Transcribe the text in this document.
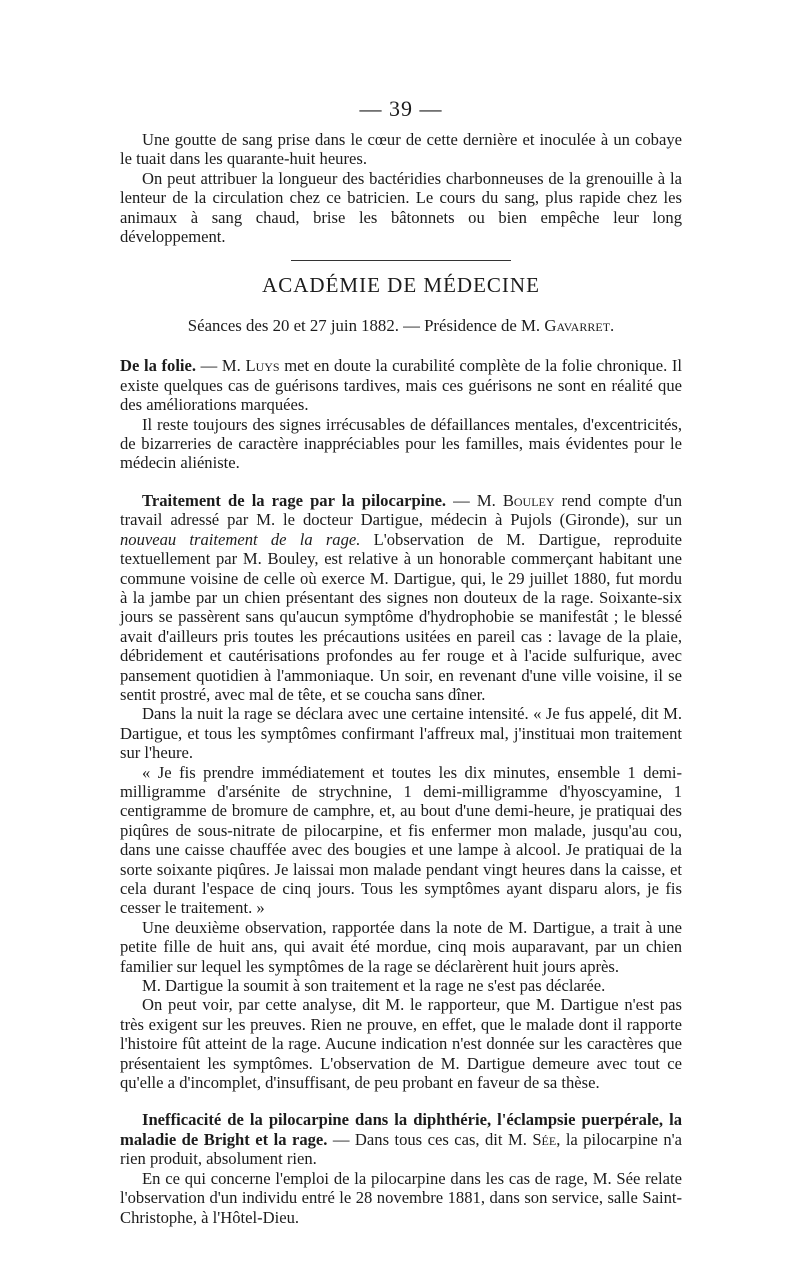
— 39 —

Une goutte de sang prise dans le cœur de cette dernière et inoculée à un cobaye le tuait dans les quarante-huit heures.

On peut attribuer la longueur des bactéridies charbonneuses de la grenouille à la lenteur de la circulation chez ce batricien. Le cours du sang, plus rapide chez les animaux à sang chaud, brise les bâtonnets ou bien empêche leur long développement.

ACADÉMIE DE MÉDECINE
Séances des 20 et 27 juin 1882. — Présidence de M. Gavarret.

De la folie. — M. Luys met en doute la curabilité complète de la folie chronique. Il existe quelques cas de guérisons tardives, mais ces guérisons ne sont en réalité que des améliorations marquées.

Il reste toujours des signes irrécusables de défaillances mentales, d'excentricités, de bizarreries de caractère inappréciables pour les familles, mais évidentes pour le médecin aliéniste.

Traitement de la rage par la pilocarpine. — M. Bouley rend compte d'un travail adressé par M. le docteur Dartigue, médecin à Pujols (Gironde), sur un nouveau traitement de la rage. L'observation de M. Dartigue, reproduite textuellement par M. Bouley, est relative à un honorable commerçant habitant une commune voisine de celle où exerce M. Dartigue, qui, le 29 juillet 1880, fut mordu à la jambe par un chien présentant des signes non douteux de la rage. Soixante-six jours se passèrent sans qu'aucun symptôme d'hydrophobie se manifestât ; le blessé avait d'ailleurs pris toutes les précautions usitées en pareil cas : lavage de la plaie, débridement et cautérisations profondes au fer rouge et à l'acide sulfurique, avec pansement quotidien à l'ammoniaque. Un soir, en revenant d'une ville voisine, il se sentit prostré, avec mal de tête, et se coucha sans dîner.

Dans la nuit la rage se déclara avec une certaine intensité. « Je fus appelé, dit M. Dartigue, et tous les symptômes confirmant l'affreux mal, j'instituai mon traitement sur l'heure.

« Je fis prendre immédiatement et toutes les dix minutes, ensemble 1 demi-milligramme d'arsénite de strychnine, 1 demi-milligramme d'hyoscyamine, 1 centigramme de bromure de camphre, et, au bout d'une demi-heure, je pratiquai des piqûres de sous-nitrate de pilocarpine, et fis enfermer mon malade, jusqu'au cou, dans une caisse chauffée avec des bougies et une lampe à alcool. Je pratiquai de la sorte soixante piqûres. Je laissai mon malade pendant vingt heures dans la caisse, et cela durant l'espace de cinq jours. Tous les symptômes ayant disparu alors, je fis cesser le traitement. »

Une deuxième observation, rapportée dans la note de M. Dartigue, a trait à une petite fille de huit ans, qui avait été mordue, cinq mois auparavant, par un chien familier sur lequel les symptômes de la rage se déclarèrent huit jours après.

M. Dartigue la soumit à son traitement et la rage ne s'est pas déclarée.

On peut voir, par cette analyse, dit M. le rapporteur, que M. Dartigue n'est pas très exigent sur les preuves. Rien ne prouve, en effet, que le malade dont il rapporte l'histoire fût atteint de la rage. Aucune indication n'est donnée sur les caractères que présentaient les symptômes. L'observation de M. Dartigue demeure avec tout ce qu'elle a d'incomplet, d'insuffisant, de peu probant en faveur de sa thèse.

Inefficacité de la pilocarpine dans la diphthérie, l'éclampsie puerpérale, la maladie de Bright et la rage. — Dans tous ces cas, dit M. Sée, la pilocarpine n'a rien produit, absolument rien.

En ce qui concerne l'emploi de la pilocarpine dans les cas de rage, M. Sée relate l'observation d'un individu entré le 28 novembre 1881, dans son service, salle Saint-Christophe, à l'Hôtel-Dieu.
